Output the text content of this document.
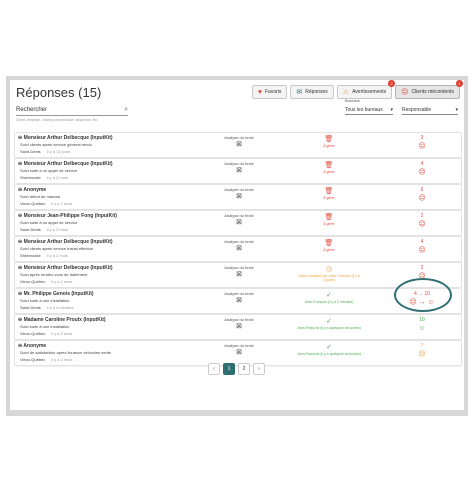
Réponses (15)	♥ Favoris ✉ Réponses ⚠ Avertissements
2
☹ Clients mécontents
1
Rechercher	⌕
Client, employé, champ personnalisé, séquence, etc.
Bureaux
Tous les bureaux ▾ Responsable	▾
⊖ Monsieur Arthur Delbecque (InputKit)
Suivi clients après service général rendu
Saint-Denis il y a 13 jours
Analyse du texte
⊠
🗑
À gérer
3
☹
⊖ Monsieur Arthur Delbecque (InputKit)
Suivi suite à un appel de service
Sherbrooke il y a 2 mois
Analyse du texte
⊠
🗑
À gérer
4
☹
⊖ Anonyme
Suivi début de mandat
Vieux-Québec il y a 2 mois
Analyse du texte
⊠
🗑
À gérer
6
☹
⊖ Monsieur Jean-Philippe Fong (InputKit)
Suivi suite à un appel de service
Saint-Denis il y a 2 mois
Analyse du texte
⊠
🗑
À gérer
2
☹
⊖ Monsieur Arthur Delbecque (InputKit)
Suivi clients après service travail effectué
Sherbrooke il y a 2 mois
Analyse du texte
⊠
🗑
À gérer
4
☹
⊖ Monsieur Arthur Delbecque (InputKit)
Suivi après rendez-vous de traitement
Vieux-Québec il y a 2 mois
Analyse du texte
⊠
◷
Client contacté par Jean-François (il y a 2 jours)
2
☹
⊖ Mr. Philippe Genois (InputKit)
Suivi suite à une installation
Saint-Denis il y a 4 minutes
Analyse du texte
⊠
✓
Jean-François (il y a 2 minutes)
4 → 10
☹ → ☺
⊖ Madame Caroline Proulx (InputKit)
Suivi suite à une installation
Vieux-Québec il y a 2 mois
Analyse du texte
⊠
✓
Jean-François (il y a quelques secondes)
10
☺
⊖ Anonyme
Suivi de satisfaction après livraison véhicules neufs
Vieux-Québec il y a 2 mois
Analyse du texte
⊠
✓
Jean-François (il y a quelques secondes)
7
☹
‹	1	2	›
